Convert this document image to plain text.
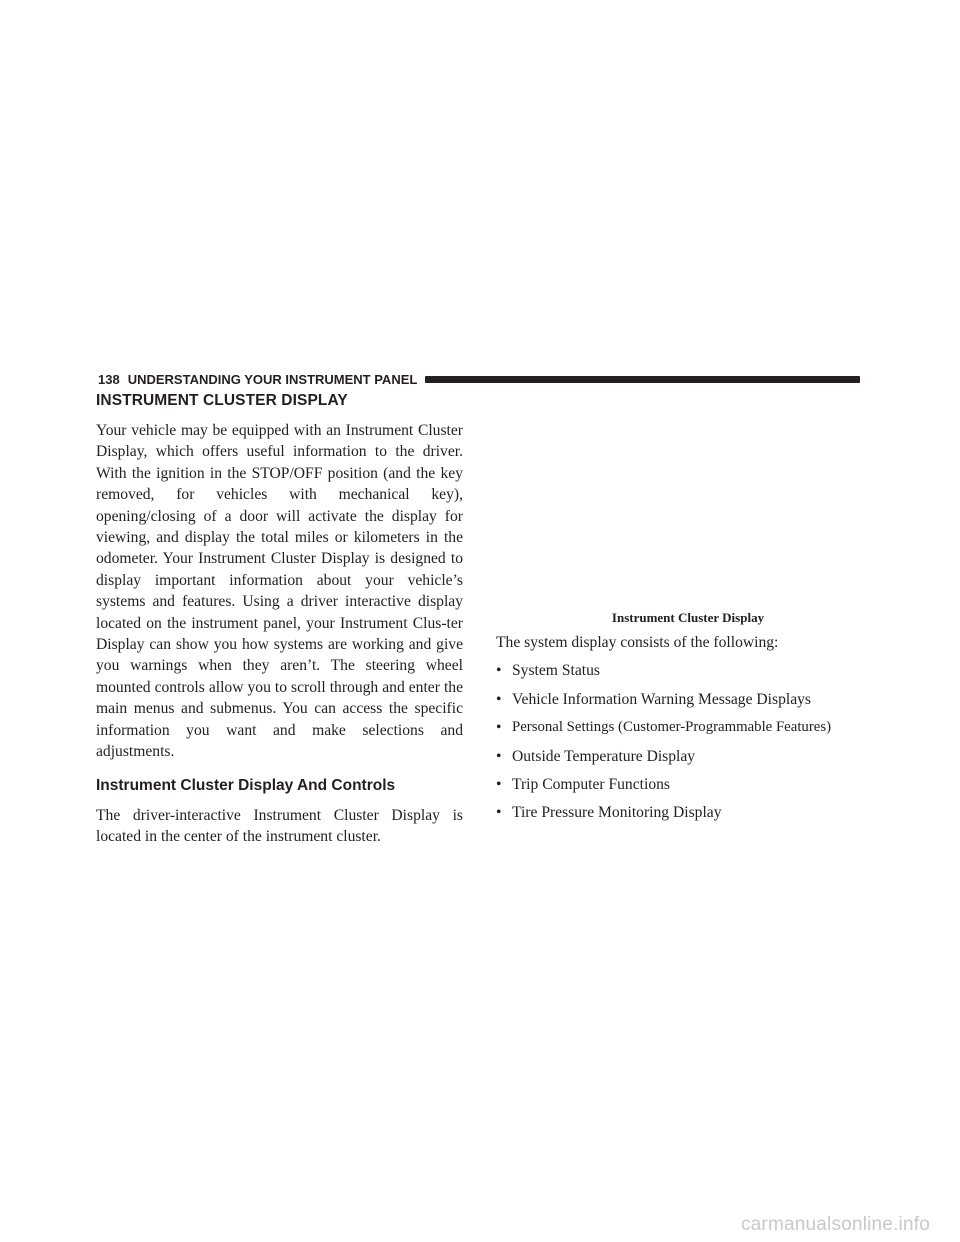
138 UNDERSTANDING YOUR INSTRUMENT PANEL
INSTRUMENT CLUSTER DISPLAY

Your vehicle may be equipped with an Instrument Cluster Display, which offers useful information to the driver. With the ignition in the STOP/OFF position (and the key removed, for vehicles with mechanical key), opening/closing of a door will activate the display for viewing, and display the total miles or kilometers in the odometer. Your Instrument Cluster Display is designed to display important information about your vehicle’s systems and features. Using a driver interactive display located on the instrument panel, your Instrument Clus-ter Display can show you how systems are working and give you warnings when they aren’t. The steering wheel mounted controls allow you to scroll through and enter the main menus and submenus. You can access the specific information you want and make selections and adjustments.

Instrument Cluster Display And Controls

The driver-interactive Instrument Cluster Display is located in the center of the instrument cluster.

Instrument Cluster Display

The system display consists of the following:

• System Status
• Vehicle Information Warning Message Displays
• Personal Settings (Customer-Programmable Features)
• Outside Temperature Display
• Trip Computer Functions
• Tire Pressure Monitoring Display
carmanualsonline.info
